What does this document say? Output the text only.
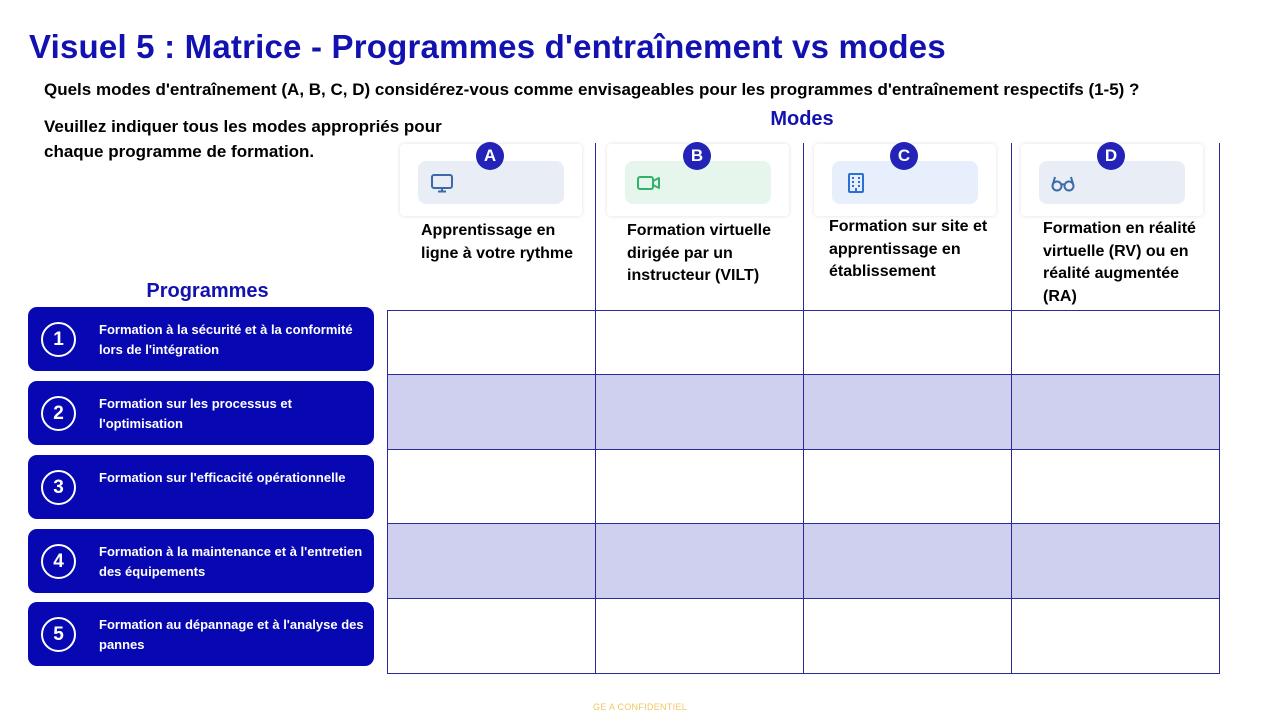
Visuel 5 : Matrice - Programmes d'entraînement vs modes
Quels modes d'entraînement (A, B, C, D) considérez-vous comme envisageables pour les programmes d'entraînement respectifs (1-5) ?
Veuillez indiquer tous les modes appropriés pour chaque programme de formation.
Modes
Programmes
A
Apprentissage en ligne à votre rythme
B
Formation virtuelle dirigée par un instructeur (VILT)
C
Formation sur site et apprentissage en établissement
D
Formation en réalité virtuelle (RV) ou en réalité augmentée (RA)
1	Formation à la sécurité et à la conformité lors de l'intégration
2	Formation sur les processus et l'optimisation
3	Formation sur l'efficacité opérationnelle
4	Formation à la maintenance et à l'entretien des équipements
5	Formation au dépannage et à l'analyse des pannes
GE A CONFIDENTIEL
